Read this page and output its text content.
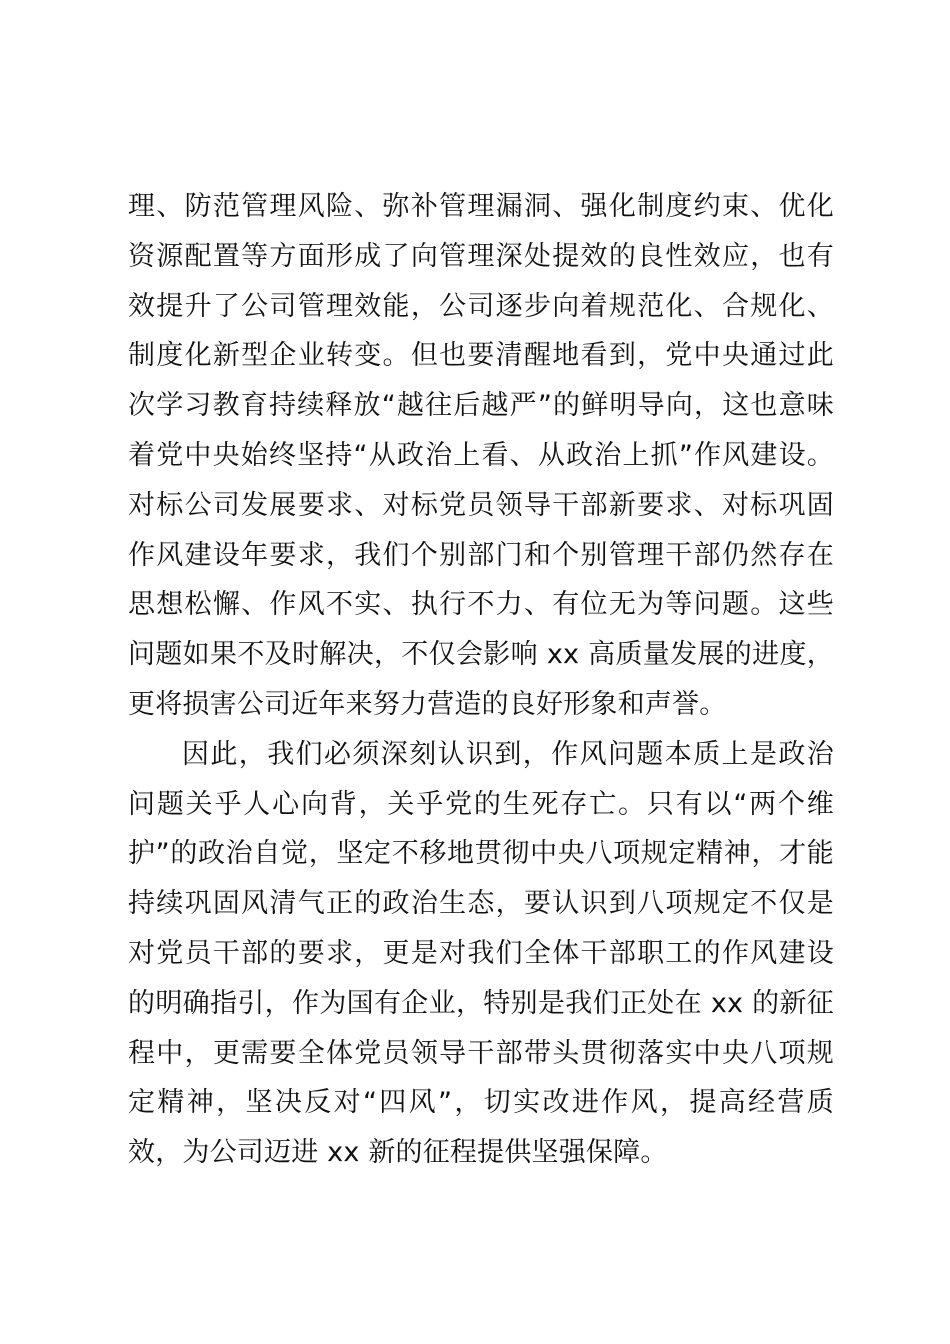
理、防范管理风险、弥补管理漏洞、强化制度约束、优化资源配置等方面形成了向管理深处提效的良性效应，也有效提升了公司管理效能，公司逐步向着规范化、合规化、制度化新型企业转变。但也要清醒地看到，党中央通过此次学习教育持续释放“越往后越严”的鲜明导向，这也意味着党中央始终坚持“从政治上看、从政治上抓”作风建设。对标公司发展要求、对标党员领导干部新要求、对标巩固作风建设年要求，我们个别部门和个别管理干部仍然存在思想松懈、作风不实、执行不力、有位无为等问题。这些问题如果不及时解决，不仅会影响 xx 高质量发展的进度，更将损害公司近年来努力营造的良好形象和声誉。

因此，我们必须深刻认识到，作风问题本质上是政治问题关乎人心向背，关乎党的生死存亡。只有以“两个维护”的政治自觉，坚定不移地贯彻中央八项规定精神，才能持续巩固风清气正的政治生态，要认识到八项规定不仅是对党员干部的要求，更是对我们全体干部职工的作风建设的明确指引，作为国有企业，特别是我们正处在 xx 的新征程中，更需要全体党员领导干部带头贯彻落实中央八项规定精神，坚决反对“四风”，切实改进作风，提高经营质效，为公司迈进 xx 新的征程提供坚强保障。
